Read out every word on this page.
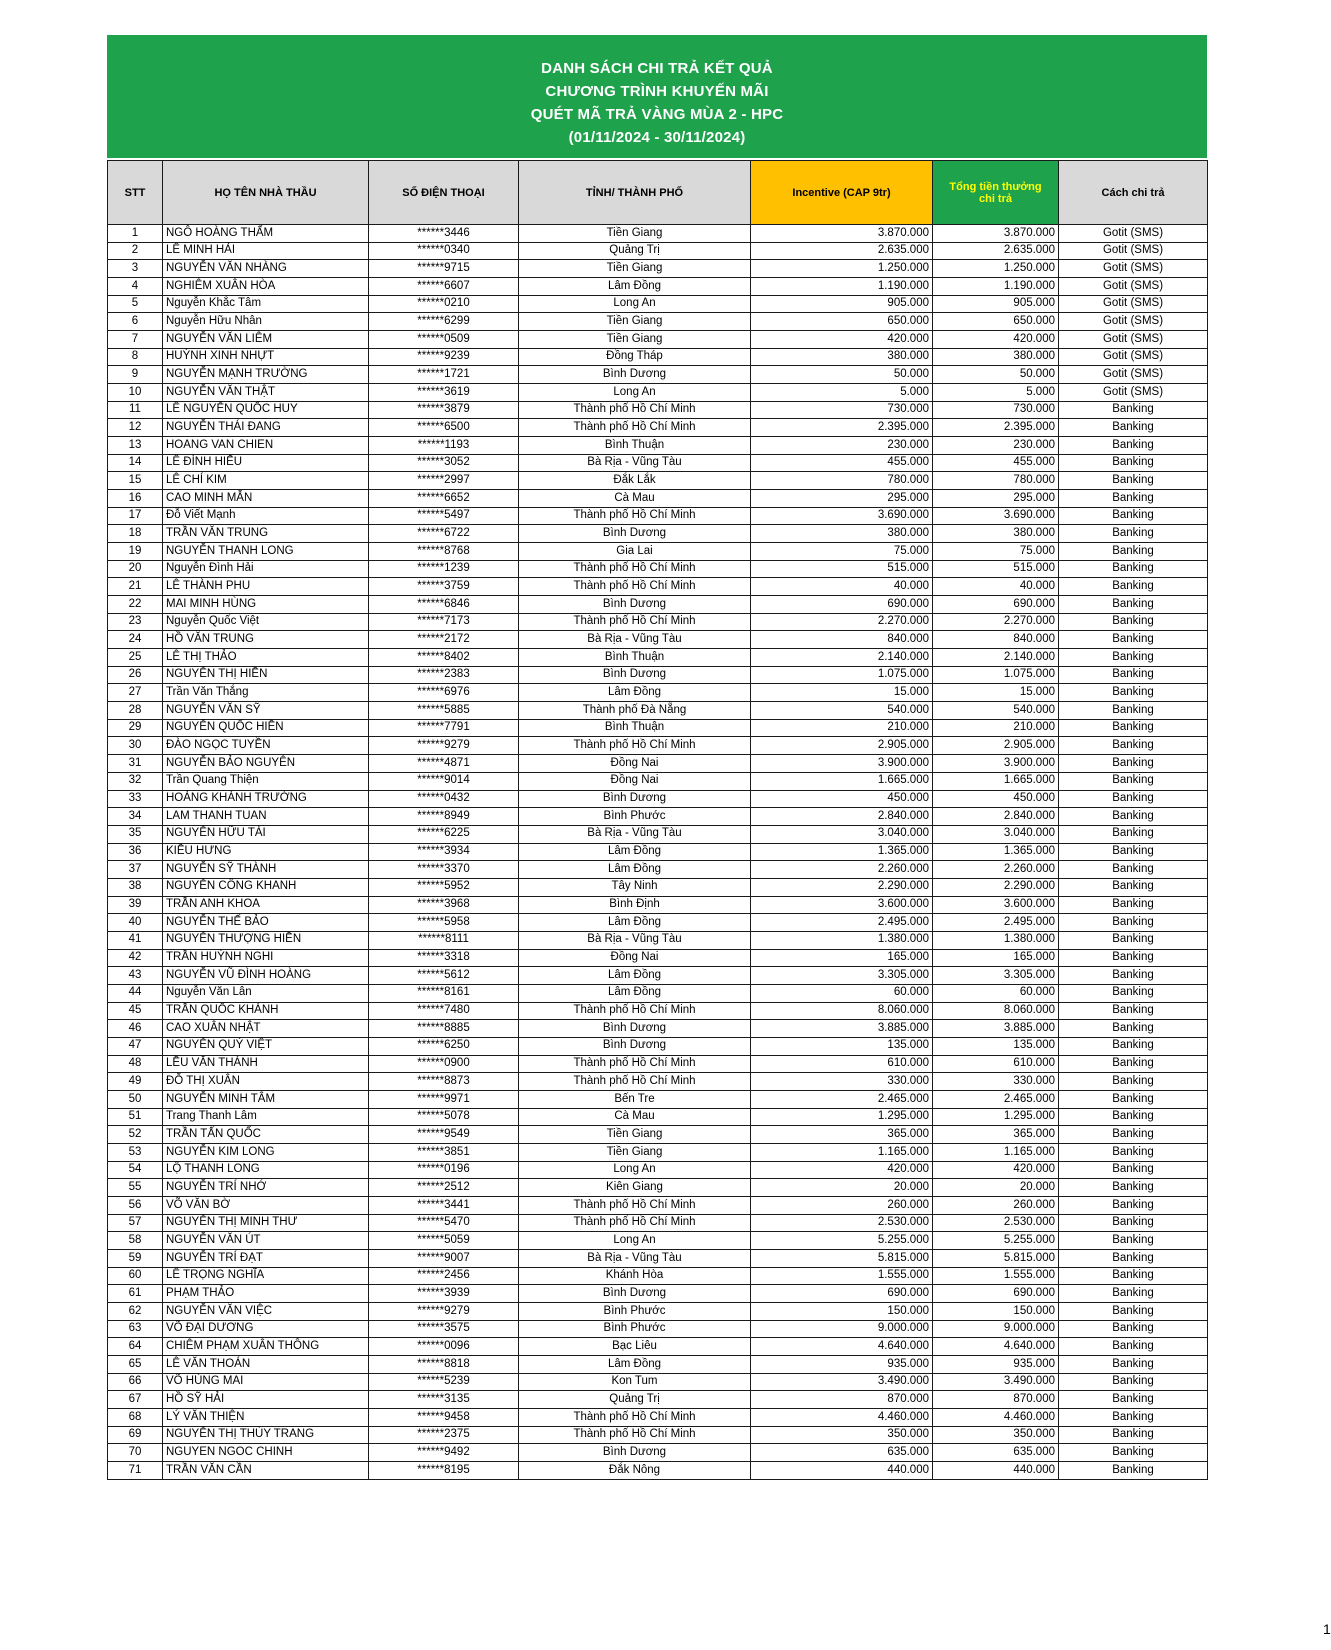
DANH SÁCH CHI TRẢ KẾT QUẢ
CHƯƠNG TRÌNH KHUYẾN MÃI
QUÉT MÃ TRẢ VÀNG MÙA 2 - HPC
(01/11/2024 - 30/11/2024)
STT	HỌ TÊN NHÀ THẦU	SỐ ĐIỆN THOẠI	TỈNH/ THÀNH PHỐ	Incentive (CAP 9tr)	Tổng tiền thưởng chi trả	Cách chi trả
1	NGÔ HOÀNG THẨM	******3446	Tiền Giang	3.870.000	3.870.000	Gotit (SMS)
2	LÊ MINH HẢI	******0340	Quảng Trị	2.635.000	2.635.000	Gotit (SMS)
3	NGUYỄN VĂN NHÀNG	******9715	Tiền Giang	1.250.000	1.250.000	Gotit (SMS)
4	NGHIÊM XUÂN HÒA	******6607	Lâm Đồng	1.190.000	1.190.000	Gotit (SMS)
5	Nguyễn Khắc Tâm	******0210	Long An	905.000	905.000	Gotit (SMS)
6	Nguyễn Hữu Nhân	******6299	Tiền Giang	650.000	650.000	Gotit (SMS)
7	NGUYỄN VĂN LIÊM	******0509	Tiền Giang	420.000	420.000	Gotit (SMS)
8	HUỲNH XINH NHỰT	******9239	Đồng Tháp	380.000	380.000	Gotit (SMS)
9	NGUYỄN MẠNH TRƯỜNG	******1721	Bình Dương	50.000	50.000	Gotit (SMS)
10	NGUYỄN VĂN THẬT	******3619	Long An	5.000	5.000	Gotit (SMS)
11	LÊ NGUYỄN QUỐC HUY	******3879	Thành phố Hồ Chí Minh	730.000	730.000	Banking
12	NGUYỄN THÁI ĐANG	******6500	Thành phố Hồ Chí Minh	2.395.000	2.395.000	Banking
13	HOANG VAN CHIEN	******1193	Bình Thuận	230.000	230.000	Banking
14	LÊ ĐÌNH HIẾU	******3052	Bà Rịa - Vũng Tàu	455.000	455.000	Banking
15	LÊ CHÍ KIM	******2997	Đắk Lắk	780.000	780.000	Banking
16	CAO MINH MẪN	******6652	Cà Mau	295.000	295.000	Banking
17	Đỗ Viết Mạnh	******5497	Thành phố Hồ Chí Minh	3.690.000	3.690.000	Banking
18	TRẦN VĂN TRUNG	******6722	Bình Dương	380.000	380.000	Banking
19	NGUYỄN THANH LONG	******8768	Gia Lai	75.000	75.000	Banking
20	Nguyễn Đình Hải	******1239	Thành phố Hồ Chí Minh	515.000	515.000	Banking
21	LÊ THÀNH PHU	******3759	Thành phố Hồ Chí Minh	40.000	40.000	Banking
22	MAI MINH HÙNG	******6846	Bình Dương	690.000	690.000	Banking
23	Nguyễn Quốc Việt	******7173	Thành phố Hồ Chí Minh	2.270.000	2.270.000	Banking
24	HỒ VĂN TRUNG	******2172	Bà Rịa - Vũng Tàu	840.000	840.000	Banking
25	LÊ THỊ THẢO	******8402	Bình Thuận	2.140.000	2.140.000	Banking
26	NGUYỄN THỊ HIỀN	******2383	Bình Dương	1.075.000	1.075.000	Banking
27	Trần Văn Thắng	******6976	Lâm Đồng	15.000	15.000	Banking
28	NGUYỄN VĂN SỸ	******5885	Thành phố Đà Nẵng	540.000	540.000	Banking
29	NGUYỄN QUỐC HIỀN	******7791	Bình Thuận	210.000	210.000	Banking
30	ĐÀO NGỌC TUYỀN	******9279	Thành phố Hồ Chí Minh	2.905.000	2.905.000	Banking
31	NGUYỄN BẢO NGUYÊN	******4871	Đồng Nai	3.900.000	3.900.000	Banking
32	Trần Quang Thiện	******9014	Đồng Nai	1.665.000	1.665.000	Banking
33	HOÀNG KHÁNH TRƯỜNG	******0432	Bình Dương	450.000	450.000	Banking
34	LAM THANH TUAN	******8949	Bình Phước	2.840.000	2.840.000	Banking
35	NGUYỄN HỮU TÀI	******6225	Bà Rịa - Vũng Tàu	3.040.000	3.040.000	Banking
36	KIỀU HƯNG	******3934	Lâm Đồng	1.365.000	1.365.000	Banking
37	NGUYỄN SỸ THÀNH	******3370	Lâm Đồng	2.260.000	2.260.000	Banking
38	NGUYỄN CÔNG KHANH	******5952	Tây Ninh	2.290.000	2.290.000	Banking
39	TRẦN ANH KHOA	******3968	Bình Định	3.600.000	3.600.000	Banking
40	NGUYỄN THẾ BẢO	******5958	Lâm Đồng	2.495.000	2.495.000	Banking
41	NGUYỄN THƯỢNG HIỀN	******8111	Bà Rịa - Vũng Tàu	1.380.000	1.380.000	Banking
42	TRẦN HUỲNH NGHI	******3318	Đồng Nai	165.000	165.000	Banking
43	NGUYỄN VŨ ĐÌNH HOÀNG	******5612	Lâm Đồng	3.305.000	3.305.000	Banking
44	Nguyễn Văn Lân	******8161	Lâm Đồng	60.000	60.000	Banking
45	TRẦN QUỐC KHÁNH	******7480	Thành phố Hồ Chí Minh	8.060.000	8.060.000	Banking
46	CAO XUÂN NHẬT	******8885	Bình Dương	3.885.000	3.885.000	Banking
47	NGUYỄN QUÝ VIỆT	******6250	Bình Dương	135.000	135.000	Banking
48	LỀU VĂN THÀNH	******0900	Thành phố Hồ Chí Minh	610.000	610.000	Banking
49	ĐỖ THỊ XUÂN	******8873	Thành phố Hồ Chí Minh	330.000	330.000	Banking
50	NGUYỄN MINH TÂM	******9971	Bến Tre	2.465.000	2.465.000	Banking
51	Trang Thanh Lâm	******5078	Cà Mau	1.295.000	1.295.000	Banking
52	TRẦN TẤN QUỐC	******9549	Tiền Giang	365.000	365.000	Banking
53	NGUYỄN KIM LONG	******3851	Tiền Giang	1.165.000	1.165.000	Banking
54	LỘ THANH LONG	******0196	Long An	420.000	420.000	Banking
55	NGUYỄN TRÍ NHỚ	******2512	Kiên Giang	20.000	20.000	Banking
56	VÕ VĂN BỜ	******3441	Thành phố Hồ Chí Minh	260.000	260.000	Banking
57	NGUYỄN THỊ MINH THƯ	******5470	Thành phố Hồ Chí Minh	2.530.000	2.530.000	Banking
58	NGUYỄN VĂN ÚT	******5059	Long An	5.255.000	5.255.000	Banking
59	NGUYỄN TRÍ ĐẠT	******9007	Bà Rịa - Vũng Tàu	5.815.000	5.815.000	Banking
60	LÊ TRỌNG NGHĨA	******2456	Khánh Hòa	1.555.000	1.555.000	Banking
61	PHẠM THẢO	******3939	Bình Dương	690.000	690.000	Banking
62	NGUYỄN VĂN VIỆC	******9279	Bình Phước	150.000	150.000	Banking
63	VÕ ĐẠI DƯƠNG	******3575	Bình Phước	9.000.000	9.000.000	Banking
64	CHIÊM PHẠM XUÂN THÔNG	******0096	Bạc Liêu	4.640.000	4.640.000	Banking
65	LÊ VĂN THOÁN	******8818	Lâm Đồng	935.000	935.000	Banking
66	VÕ HÙNG MAI	******5239	Kon Tum	3.490.000	3.490.000	Banking
67	HỒ SỸ HẢI	******3135	Quảng Trị	870.000	870.000	Banking
68	LÝ VĂN THIỆN	******9458	Thành phố Hồ Chí Minh	4.460.000	4.460.000	Banking
69	NGUYỄN THỊ THÙY TRANG	******2375	Thành phố Hồ Chí Minh	350.000	350.000	Banking
70	NGUYEN NGOC CHINH	******9492	Bình Dương	635.000	635.000	Banking
71	TRẦN VĂN CẦN	******8195	Đắk Nông	440.000	440.000	Banking
1
